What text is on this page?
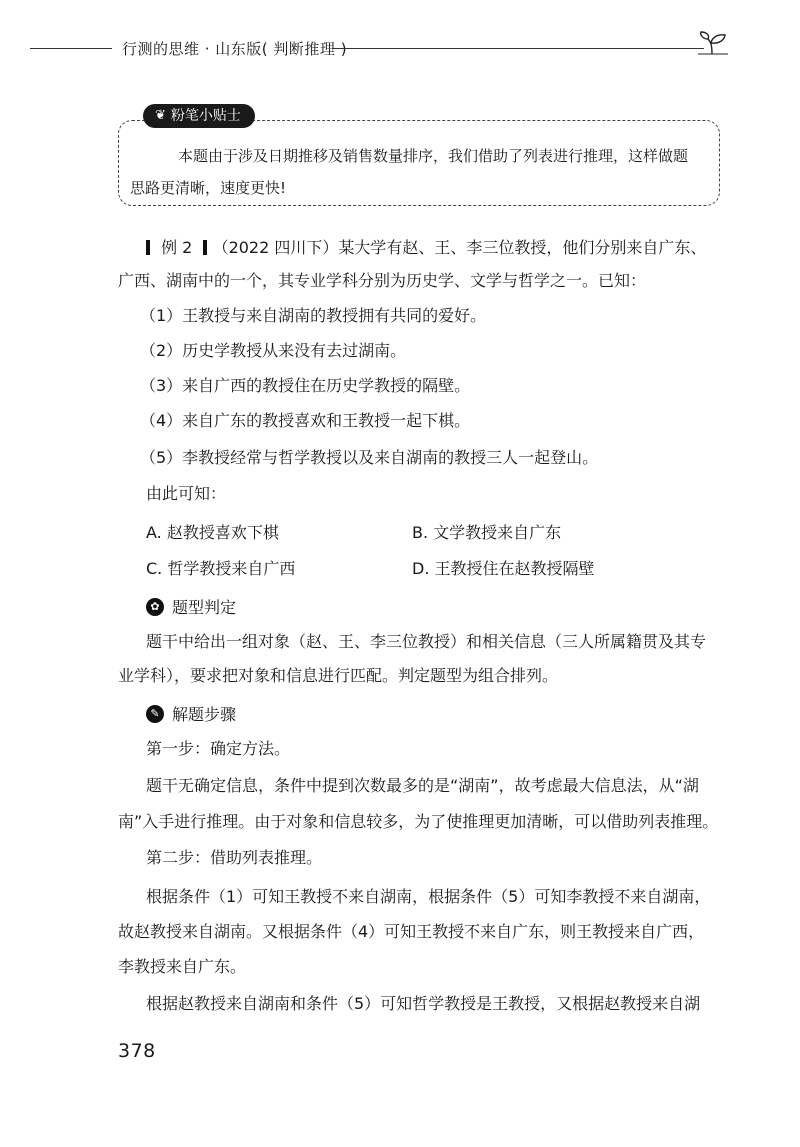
行测的思维 · 山东版( 判断推理 )
❦ 粉笔小贴士
本题由于涉及日期推移及销售数量排序，我们借助了列表进行推理，这样做题
思路更清晰，速度更快!
例 2 （2022 四川下）某大学有赵、王、李三位教授，他们分别来自广东、
广西、湖南中的一个，其专业学科分别为历史学、文学与哲学之一。已知：
（1）王教授与来自湖南的教授拥有共同的爱好。
（2）历史学教授从来没有去过湖南。
（3）来自广西的教授住在历史学教授的隔壁。
（4）来自广东的教授喜欢和王教授一起下棋。
（5）李教授经常与哲学教授以及来自湖南的教授三人一起登山。
由此可知：
A. 赵教授喜欢下棋	B. 文学教授来自广东
C. 哲学教授来自广西	D. 王教授住在赵教授隔壁
✿ 题型判定
题干中给出一组对象（赵、王、李三位教授）和相关信息（三人所属籍贯及其专
业学科），要求把对象和信息进行匹配。判定题型为组合排列。
✎ 解题步骤
第一步：确定方法。
题干无确定信息，条件中提到次数最多的是“湖南”，故考虑最大信息法，从“湖
南”入手进行推理。由于对象和信息较多，为了使推理更加清晰，可以借助列表推理。
第二步：借助列表推理。
根据条件（1）可知王教授不来自湖南，根据条件（5）可知李教授不来自湖南，
故赵教授来自湖南。又根据条件（4）可知王教授不来自广东，则王教授来自广西，
李教授来自广东。
根据赵教授来自湖南和条件（5）可知哲学教授是王教授，又根据赵教授来自湖
378
